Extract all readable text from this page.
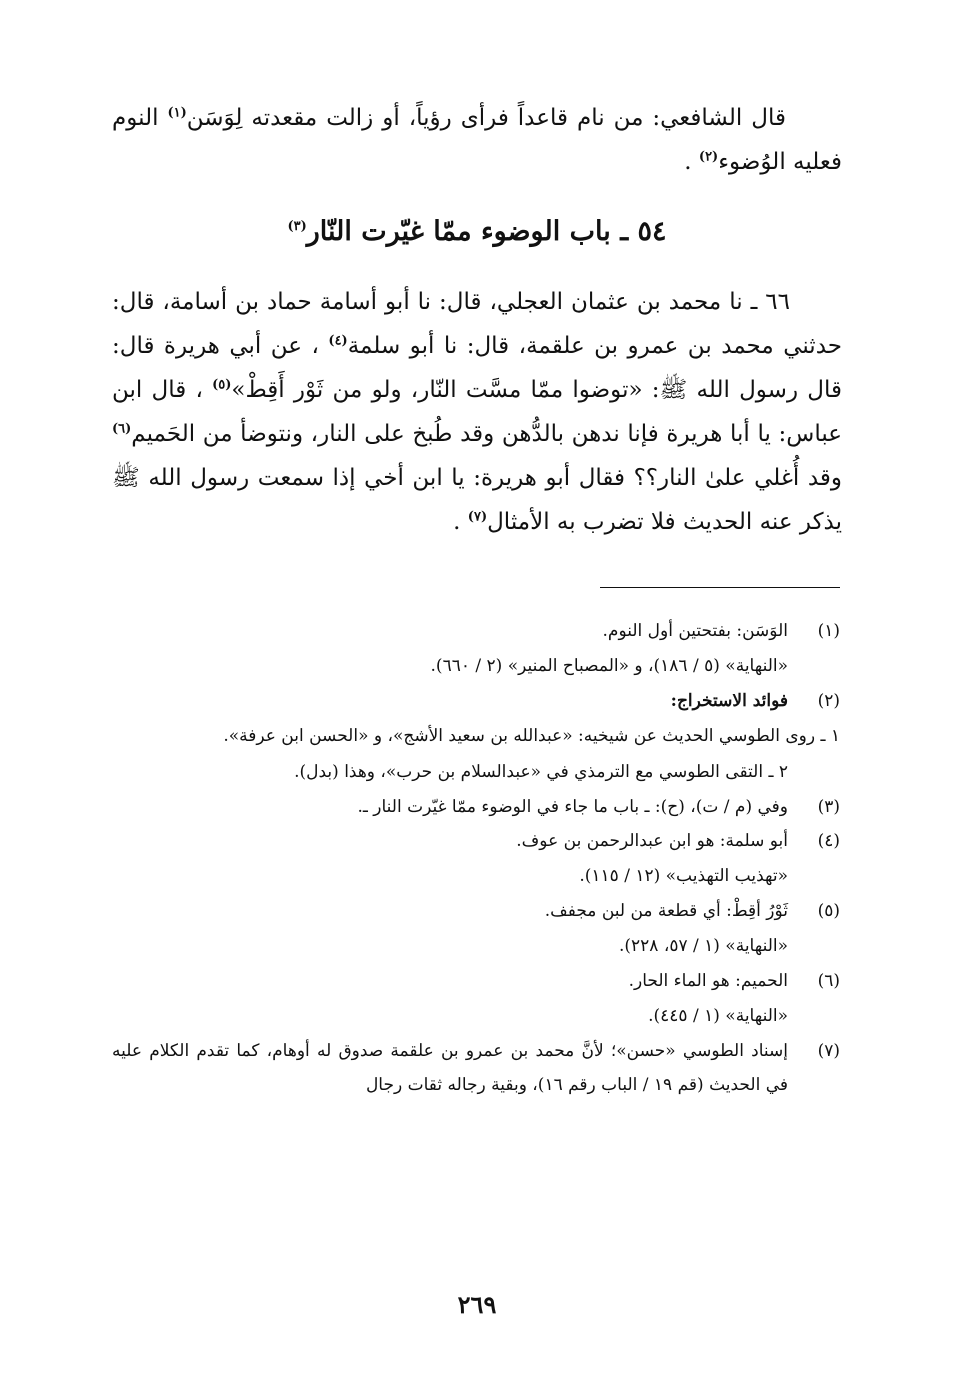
قال الشافعي: من نام قاعداً فرأى رؤياً، أو زالت مقعدته لِوَسَن$^{(١)}$ النوم فعليه الوُضوء$^{(٢)}$ .

٥٤ ـ باب الوضوء ممّا غيّرت النّار$^{(٣)}$

٦٦ ـ نا محمد بن عثمان العجلي، قال: نا أبو أسامة حماد بن أسامة، قال: حدثني محمد بن عمرو بن علقمة، قال: نا أبو سلمة$^{(٤)}$ ، عن أبي هريرة قال: قال رسول الله ﷺ: «توضوا ممّا مسَّت النّار، ولو من ثَوْر أَقِطْ»$^{(٥)}$ ، قال ابن عباس: يا أبا هريرة فإنا ندهن بالدُّهن وقد طُبخ على النار، ونتوضأ من الحَميم$^{(٦)}$ وقد أُغلي علىٰ النار؟؟ فقال أبو هريرة: يا ابن أخي إذا سمعت رسول الله ﷺ يذكر عنه الحديث فلا تضرب به الأمثال$^{(٧)}$ .

(١)
الوَسَن: بفتحتين أول النوم.
«النهاية» (٥ / ١٨٦)، و «المصباح المنير» (٢ / ٦٦٠).
(٢)
فوائد الاستخراج:
١ ـ روى الطوسي الحديث عن شيخيه: «عبدالله بن سعيد الأشج»، و «الحسن ابن عرفة».
٢ ـ التقى الطوسي مع الترمذي في «عبدالسلام بن حرب»، وهذا (بدل).
(٣)
وفي (م / ت)، (ح): ـ باب ما جاء في الوضوء ممّا غيّرت النار ـ.
(٤)
أبو سلمة: هو ابن عبدالرحمن بن عوف.
«تهذيب التهذيب» (١٢ / ١١٥).
(٥)
ثَوْرُ أقِطْ: أي قطعة من لبن مجفف.
«النهاية» (١ / ٥٧، ٢٢٨).
(٦)
الحميم: هو الماء الحار.
«النهاية» (١ / ٤٤٥).
(٧)
إسناد الطوسي «حسن»؛ لأنَّ محمد بن عمرو بن علقمة صدوق له أوهام، كما تقدم الكلام عليه في الحديث (قم ١٩ / الباب رقم ١٦)، وبقية رجاله ثقات رجال
٢٦٩
